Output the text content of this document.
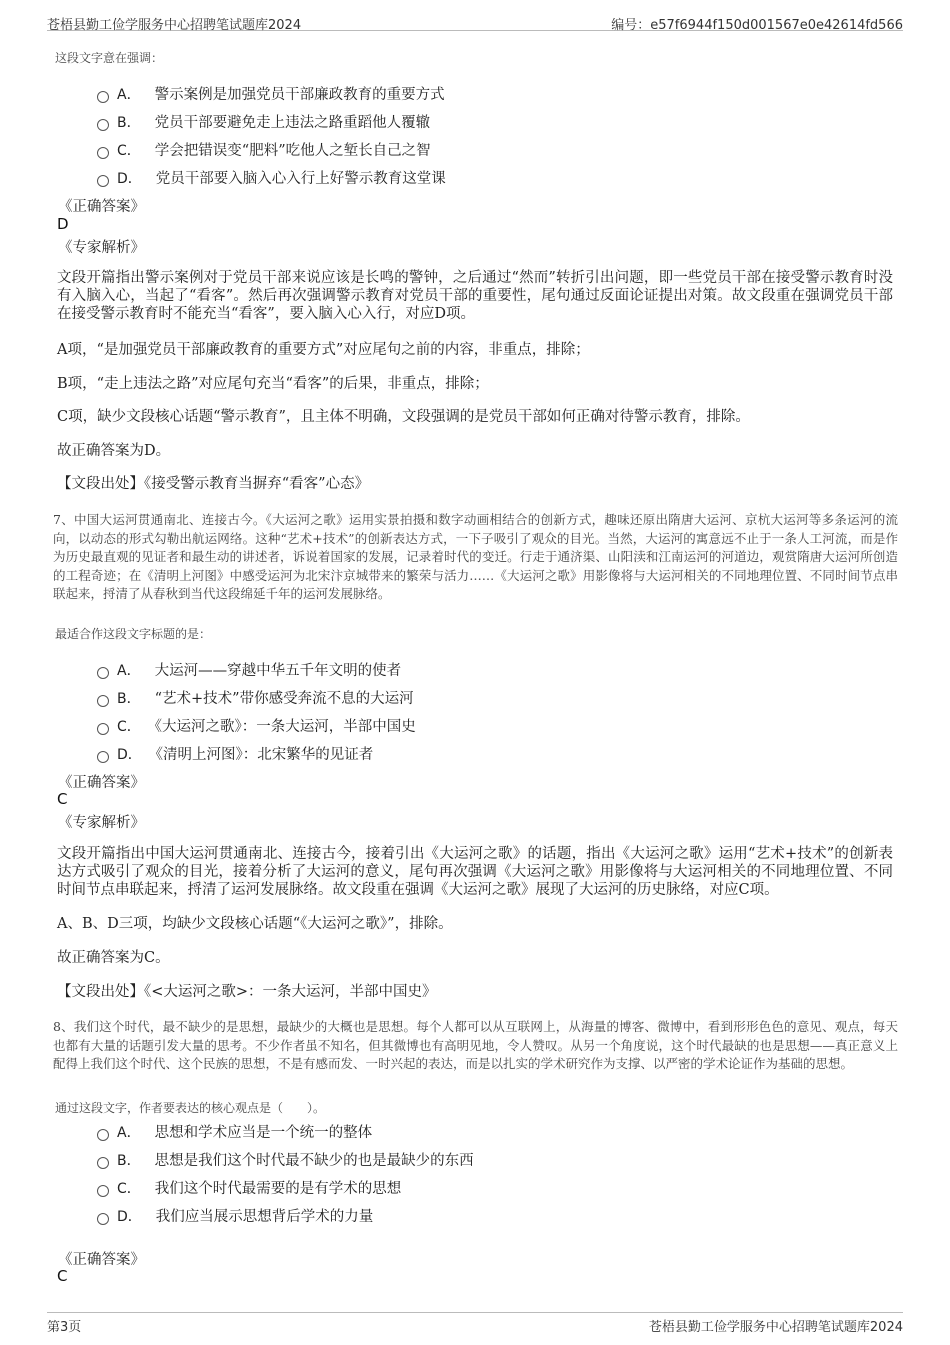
苍梧县勤工俭学服务中心招聘笔试题库2024	编号：e57f6944f150d001567e0e42614fd566
这段文字意在强调：
A． 警示案例是加强党员干部廉政教育的重要方式
B． 党员干部要避免走上违法之路重蹈他人覆辙
C． 学会把错误变“肥料”吃他人之堑长自己之智
D． 党员干部要入脑入心入行上好警示教育这堂课
《正确答案》
D
《专家解析》
文段开篇指出警示案例对于党员干部来说应该是长鸣的警钟，之后通过“然而”转折引出问题，即一些党员干部在接受警示教育时没有入脑入心，当起了“看客”。然后再次强调警示教育对党员干部的重要性，尾句通过反面论证提出对策。故文段重在强调党员干部在接受警示教育时不能充当“看客”，要入脑入心入行，对应D项。
A项，“是加强党员干部廉政教育的重要方式”对应尾句之前的内容，非重点，排除；
B项，“走上违法之路”对应尾句充当“看客”的后果，非重点，排除；
C项，缺少文段核心话题“警示教育”，且主体不明确，文段强调的是党员干部如何正确对待警示教育，排除。
故正确答案为D。
【文段出处】《接受警示教育当摒弃“看客”心态》
7、中国大运河贯通南北、连接古今。《大运河之歌》运用实景拍摄和数字动画相结合的创新方式，趣味还原出隋唐大运河、京杭大运河等多条运河的流向，以动态的形式勾勒出航运网络。这种“艺术+技术”的创新表达方式，一下子吸引了观众的目光。当然，大运河的寓意远不止于一条人工河流，而是作为历史最直观的见证者和最生动的讲述者，诉说着国家的发展，记录着时代的变迁。行走于通济渠、山阳渎和江南运河的河道边，观赏隋唐大运河所创造的工程奇迹；在《清明上河图》中感受运河为北宋汴京城带来的繁荣与活力……《大运河之歌》用影像将与大运河相关的不同地理位置、不同时间节点串联起来，捋清了从春秋到当代这段绵延千年的运河发展脉络。
最适合作这段文字标题的是：
A． 大运河——穿越中华五千年文明的使者
B． “艺术+技术”带你感受奔流不息的大运河
C． 《大运河之歌》：一条大运河，半部中国史
D． 《清明上河图》：北宋繁华的见证者
《正确答案》
C
《专家解析》
文段开篇指出中国大运河贯通南北、连接古今，接着引出《大运河之歌》的话题，指出《大运河之歌》运用“艺术+技术”的创新表达方式吸引了观众的目光，接着分析了大运河的意义，尾句再次强调《大运河之歌》用影像将与大运河相关的不同地理位置、不同时间节点串联起来，捋清了运河发展脉络。故文段重在强调《大运河之歌》展现了大运河的历史脉络，对应C项。
A、B、D三项，均缺少文段核心话题“《大运河之歌》”，排除。
故正确答案为C。
【文段出处】《<大运河之歌>：一条大运河，半部中国史》
8、我们这个时代，最不缺少的是思想，最缺少的大概也是思想。每个人都可以从互联网上，从海量的博客、微博中，看到形形色色的意见、观点，每天也都有大量的话题引发大量的思考。不少作者虽不知名，但其微博也有高明见地，令人赞叹。从另一个角度说，这个时代最缺的也是思想——真正意义上配得上我们这个时代、这个民族的思想，不是有感而发、一时兴起的表达，而是以扎实的学术研究作为支撑、以严密的学术论证作为基础的思想。
通过这段文字，作者要表达的核心观点是（　　）。
A． 思想和学术应当是一个统一的整体
B． 思想是我们这个时代最不缺少的也是最缺少的东西
C． 我们这个时代最需要的是有学术的思想
D． 我们应当展示思想背后学术的力量
《正确答案》
C
第3页	苍梧县勤工俭学服务中心招聘笔试题库2024
